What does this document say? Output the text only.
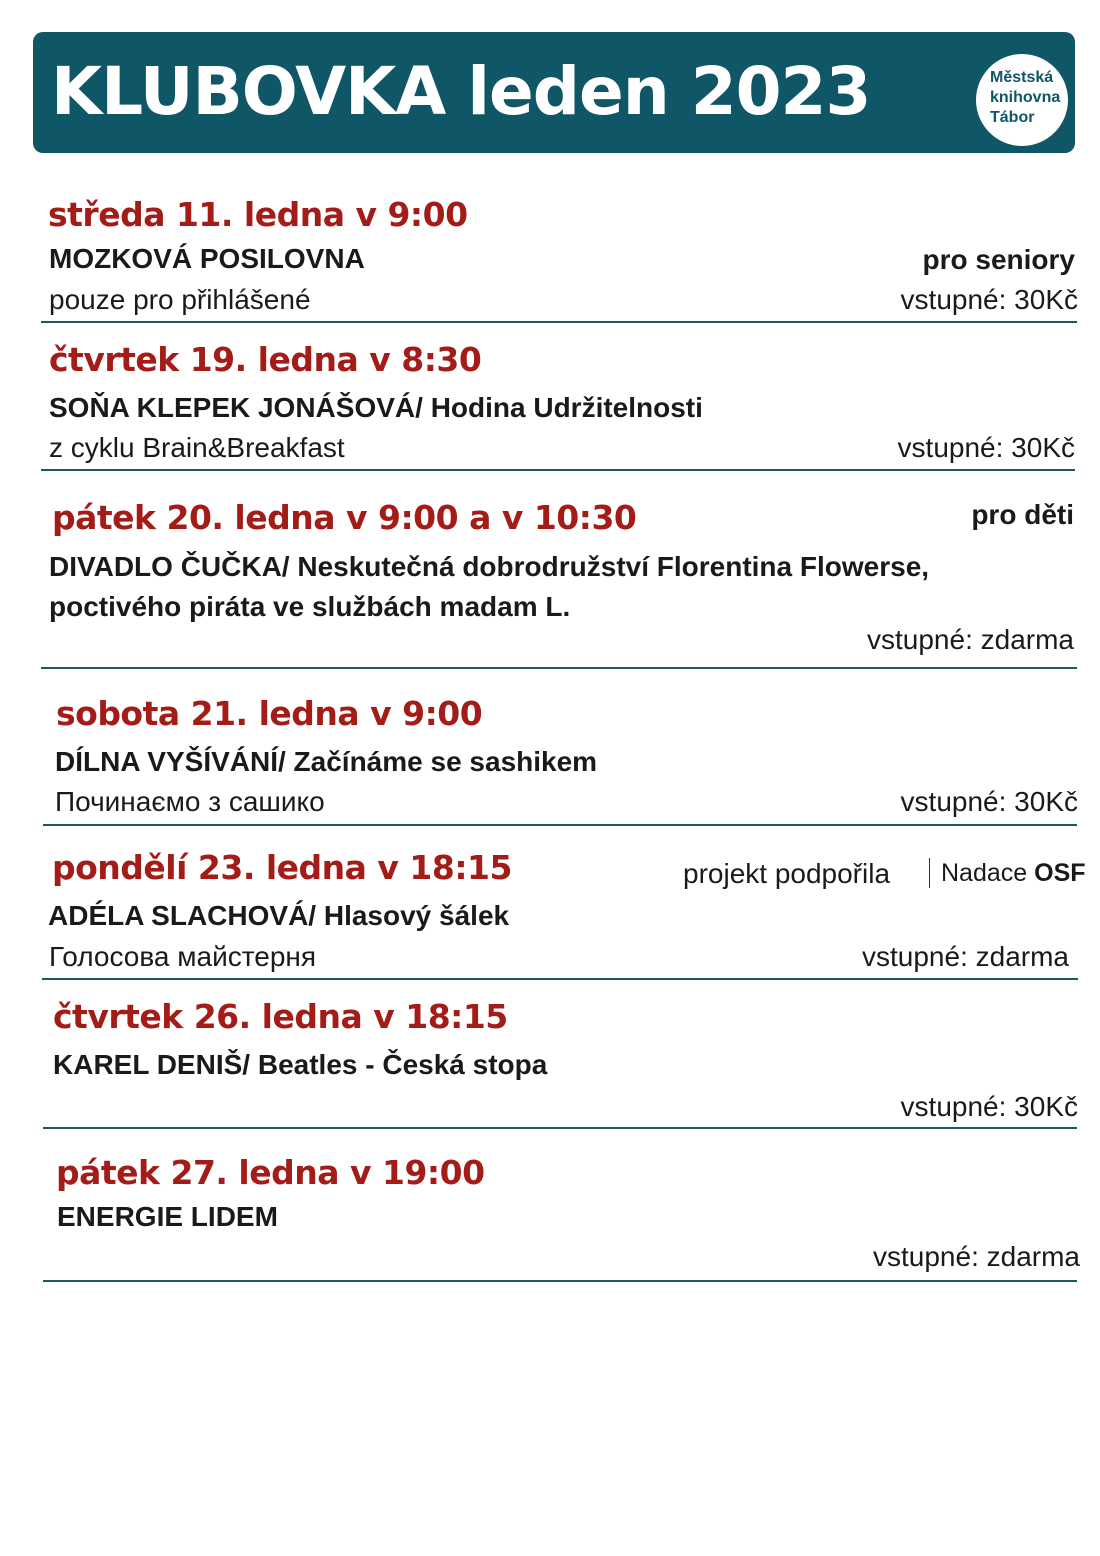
KLUBOVKA leden 2023	Městská
knihovna
Tábor
středa 11. ledna v 9:00
MOZKOVÁ POSILOVNA	pro seniory
pouze pro přihlášené	vstupné: 30Kč
čtvrtek 19. ledna v 8:30
SOŇA KLEPEK JONÁŠOVÁ/ Hodina Udržitelnosti
z cyklu Brain&Breakfast	vstupné: 30Kč
pátek 20. ledna v 9:00 a v 10:30	pro děti
DIVADLO ČUČKA/ Neskutečná dobrodružství Florentina Flowerse,
poctivého piráta ve službách madam L.
vstupné: zdarma
sobota 21. ledna v 9:00
DÍLNA VYŠÍVÁNÍ/ Začínáme se sashikem
Починаємо з сашико	vstupné: 30Kč
pondělí 23. ledna v 18:15	projekt podpořila Nadace OSF
ADÉLA SLACHOVÁ/ Hlasový šálek
Голосова майстерня	vstupné: zdarma
čtvrtek 26. ledna v 18:15
KAREL DENIŠ/ Beatles - Česká stopa
vstupné: 30Kč
pátek 27. ledna v 19:00
ENERGIE LIDEM
vstupné: zdarma
